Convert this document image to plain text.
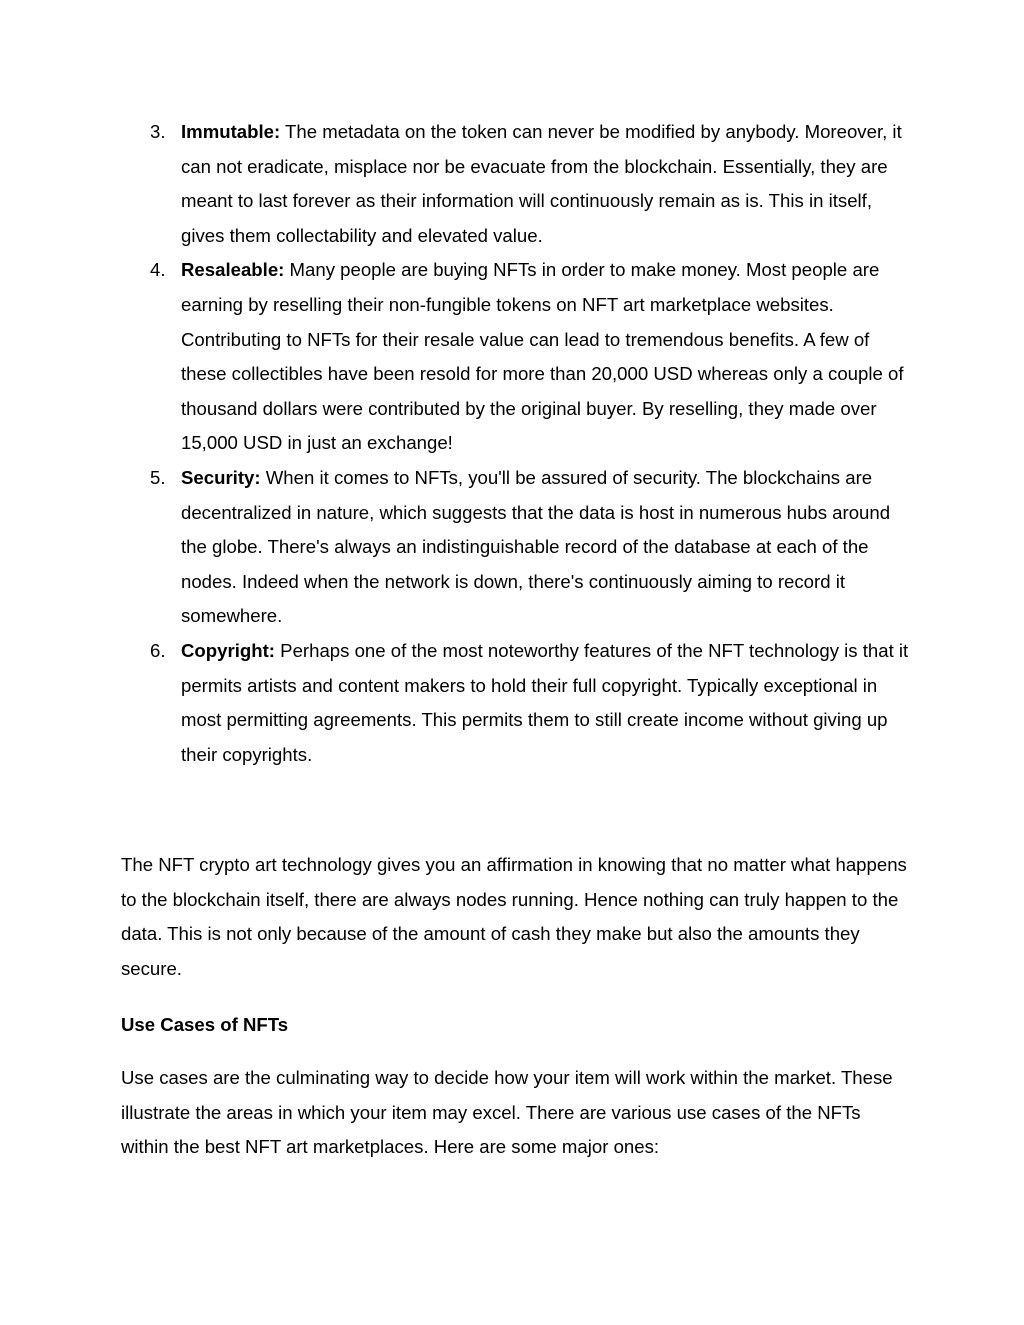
3. Immutable: The metadata on the token can never be modified by anybody. Moreover, it can not eradicate, misplace nor be evacuate from the blockchain. Essentially, they are meant to last forever as their information will continuously remain as is. This in itself, gives them collectability and elevated value.
4. Resaleable: Many people are buying NFTs in order to make money. Most people are earning by reselling their non-fungible tokens on NFT art marketplace websites. Contributing to NFTs for their resale value can lead to tremendous benefits. A few of these collectibles have been resold for more than 20,000 USD whereas only a couple of thousand dollars were contributed by the original buyer. By reselling, they made over 15,000 USD in just an exchange!
5. Security: When it comes to NFTs, you'll be assured of security. The blockchains are decentralized in nature, which suggests that the data is host in numerous hubs around the globe. There's always an indistinguishable record of the database at each of the nodes. Indeed when the network is down, there's continuously aiming to record it somewhere.
6. Copyright: Perhaps one of the most noteworthy features of the NFT technology is that it permits artists and content makers to hold their full copyright. Typically exceptional in most permitting agreements. This permits them to still create income without giving up their copyrights.

The NFT crypto art technology gives you an affirmation in knowing that no matter what happens to the blockchain itself, there are always nodes running. Hence nothing can truly happen to the data. This is not only because of the amount of cash they make but also the amounts they secure.

Use Cases of NFTs

Use cases are the culminating way to decide how your item will work within the market. These illustrate the areas in which your item may excel. There are various use cases of the NFTs within the best NFT art marketplaces. Here are some major ones:
